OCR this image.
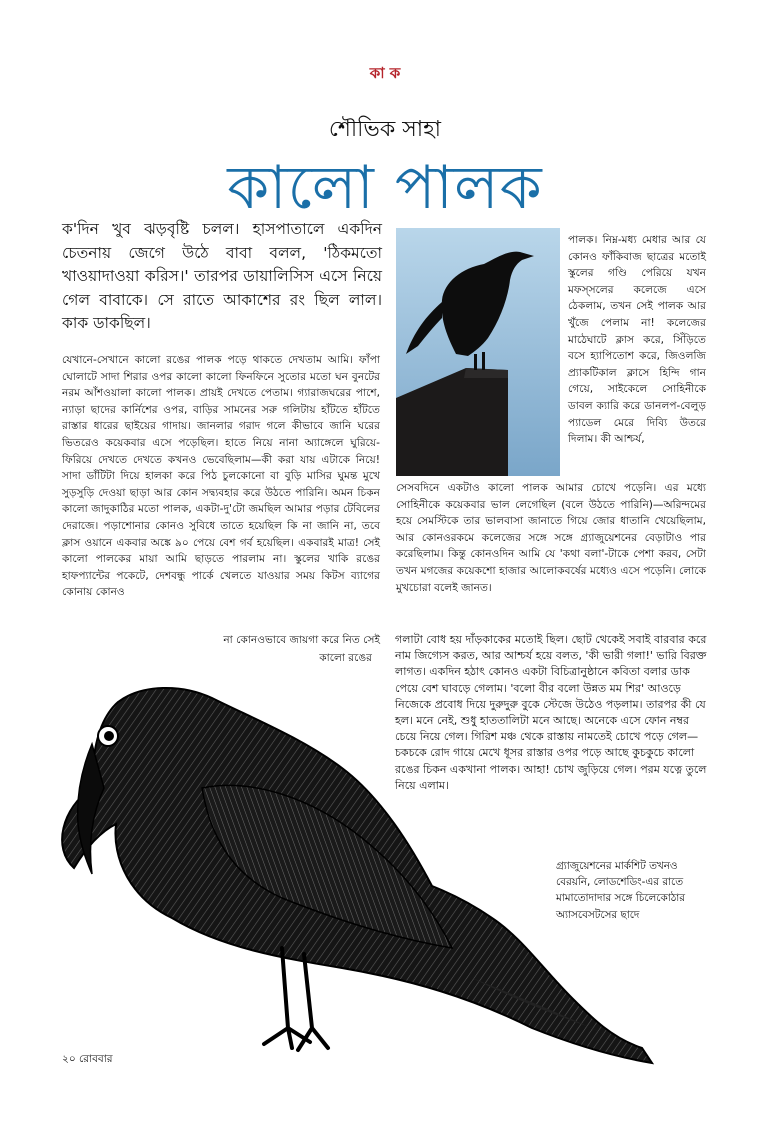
কা ক
শৌভিক সাহা
কালো পালক

ক'দিন খুব ঝড়বৃষ্টি চলল। হাসপাতালে একদিন চেতনায় জেগে উঠে বাবা বলল, 'ঠিকমতো খাওয়াদাওয়া করিস।' তারপর ডায়ালিসিস এসে নিয়ে গেল বাবাকে। সে রাতে আকাশের রং ছিল লাল। কাক ডাকছিল।

যেখানে-সেখানে কালো রঙের পালক পড়ে থাকতে দেখতাম আমি। ফাঁপা ঘোলাটে সাদা শিরার ওপর কালো কালো ফিনফিনে সুতোর মতো ঘন বুনটের নরম আঁশওয়ালা কালো পালক। প্রায়ই দেখতে পেতাম। গ্যারাজঘরের পাশে, ন্যাড়া ছাদের কার্নিশের ওপর, বাড়ির সামনের সরু গলিটায় হাঁটতে হাঁটতে রাস্তার ধারের ছাইয়ের গাদায়। জানলার গরাদ গলে কীভাবে জানি ঘরের ভিতরেও কয়েকবার এসে পড়েছিল। হাতে নিয়ে নানা অ্যাঙ্গেলে ঘুরিয়ে-ফিরিয়ে দেখতে দেখতে কখনও ভেবেছিলাম—কী করা যায় এটাকে নিয়ে! সাদা ডাঁটিটা দিয়ে হালকা করে পিঠ চুলকোনো বা বুড়ি মাসির ঘুমন্ত মুখে সুড়সুড়ি দেওয়া ছাড়া আর কোন সদ্ব্যবহার করে উঠতে পারিনি। অমন চিকন কালো জাদুকাঠির মতো পালক, একটা-দু'টো জমছিল আমার পড়ার টেবিলের দেরাজে। পড়াশোনার কোনও সুবিধে তাতে হয়েছিল কি না জানি না, তবে ক্লাস ওয়ানে একবার অঙ্কে ৯০ পেয়ে বেশ গর্ব হয়েছিল। একবারই মাত্র! সেই কালো পালকের মায়া আমি ছাড়তে পারলাম না। স্কুলের খাকি রঙের হাফপ্যান্টের পকেটে, দেশবন্ধু পার্কে খেলতে যাওয়ার সময় কিটস ব্যাগের কোনায় কোনও

না কোনওভাবে জায়গা করে নিত সেই
কালো রঙের

পালক। নিম্ন-মধ্য মেধার আর যে কোনও ফাঁকিবাজ ছাত্রের মতোই স্কুলের গণ্ডি পেরিয়ে যখন মফস্সলের কলেজে এসে ঠেকলাম, তখন সেই পালক আর খুঁজে পেলাম না! কলেজের মাঠেঘাটে ক্লাস করে, সিঁড়িতে বসে হ্যাপিতোশ করে, জিওলজি প্র্যাকটিকাল ক্লাসে হিন্দি গান গেয়ে, সাইকেলে সোহিনীকে ডাবল ক্যারি করে ডানলপ-বেলুড় প্যাডেল মেরে দিব্যি উতরে দিলাম। কী আশ্চর্য,

সেসবদিনে একটাও কালো পালক আমার চোখে পড়েনি। এর মধ্যে সোহিনীকে কয়েকবার ভাল লেগেছিল (বলে উঠতে পারিনি)—অরিন্দমের হয়ে সেমস্টিকে তার ভালবাসা জানাতে গিয়ে জোর ধাতানি খেয়েছিলাম, আর কোনওরকমে কলেজের সঙ্গে সঙ্গে গ্র্যাজুয়েশনের বেড়াটাও পার করেছিলাম। কিন্তু কোনওদিন আমি যে 'কথা বলা'-টাকে পেশা করব, সেটা তখন মগজের কয়েকশো হাজার আলোকবর্ষের মধ্যেও এসে পড়েনি। লোকে মুখচোরা বলেই জানত।

গলাটা বোধ হয় দাঁড়কাকের মতোই ছিল। ছোট থেকেই সবাই বারবার করে নাম জিগ্যেস করত, আর আশ্চর্য হয়ে বলত, 'কী ভারী গলা!' ভারি বিরক্ত লাগত। একদিন হঠাৎ কোনও একটা বিচিত্রানুষ্ঠানে কবিতা বলার ডাক পেয়ে বেশ ঘাবড়ে গেলাম। 'বলো বীর বলো উন্নত মম শির' আওড়ে নিজেকে প্রবোধ দিয়ে দুরুদুরু বুকে স্টেজে উঠেও পড়লাম। তারপর কী যে হল। মনে নেই, শুধু হাততালিটা মনে আছে। অনেকে এসে ফোন নম্বর চেয়ে নিয়ে গেল। গিরিশ মঞ্চ থেকে রাস্তায় নামতেই চোখে পড়ে গেল—চকচকে রোদ গায়ে মেখে ধূসর রাস্তার ওপর পড়ে আছে কুচকুচে কালো রঙের চিকন একখানা পালক। আহা! চোখ জুড়িয়ে গেল। পরম যত্নে তুলে নিয়ে এলাম।

গ্র্যাজুয়েশনের মার্কশিট তখনও বেরয়নি, লোডশেডিং-এর রাতে মামাতোদাদার সঙ্গে চিলেকোঠার অ্যাসবেসটসের ছাদে

২০ রোববার
